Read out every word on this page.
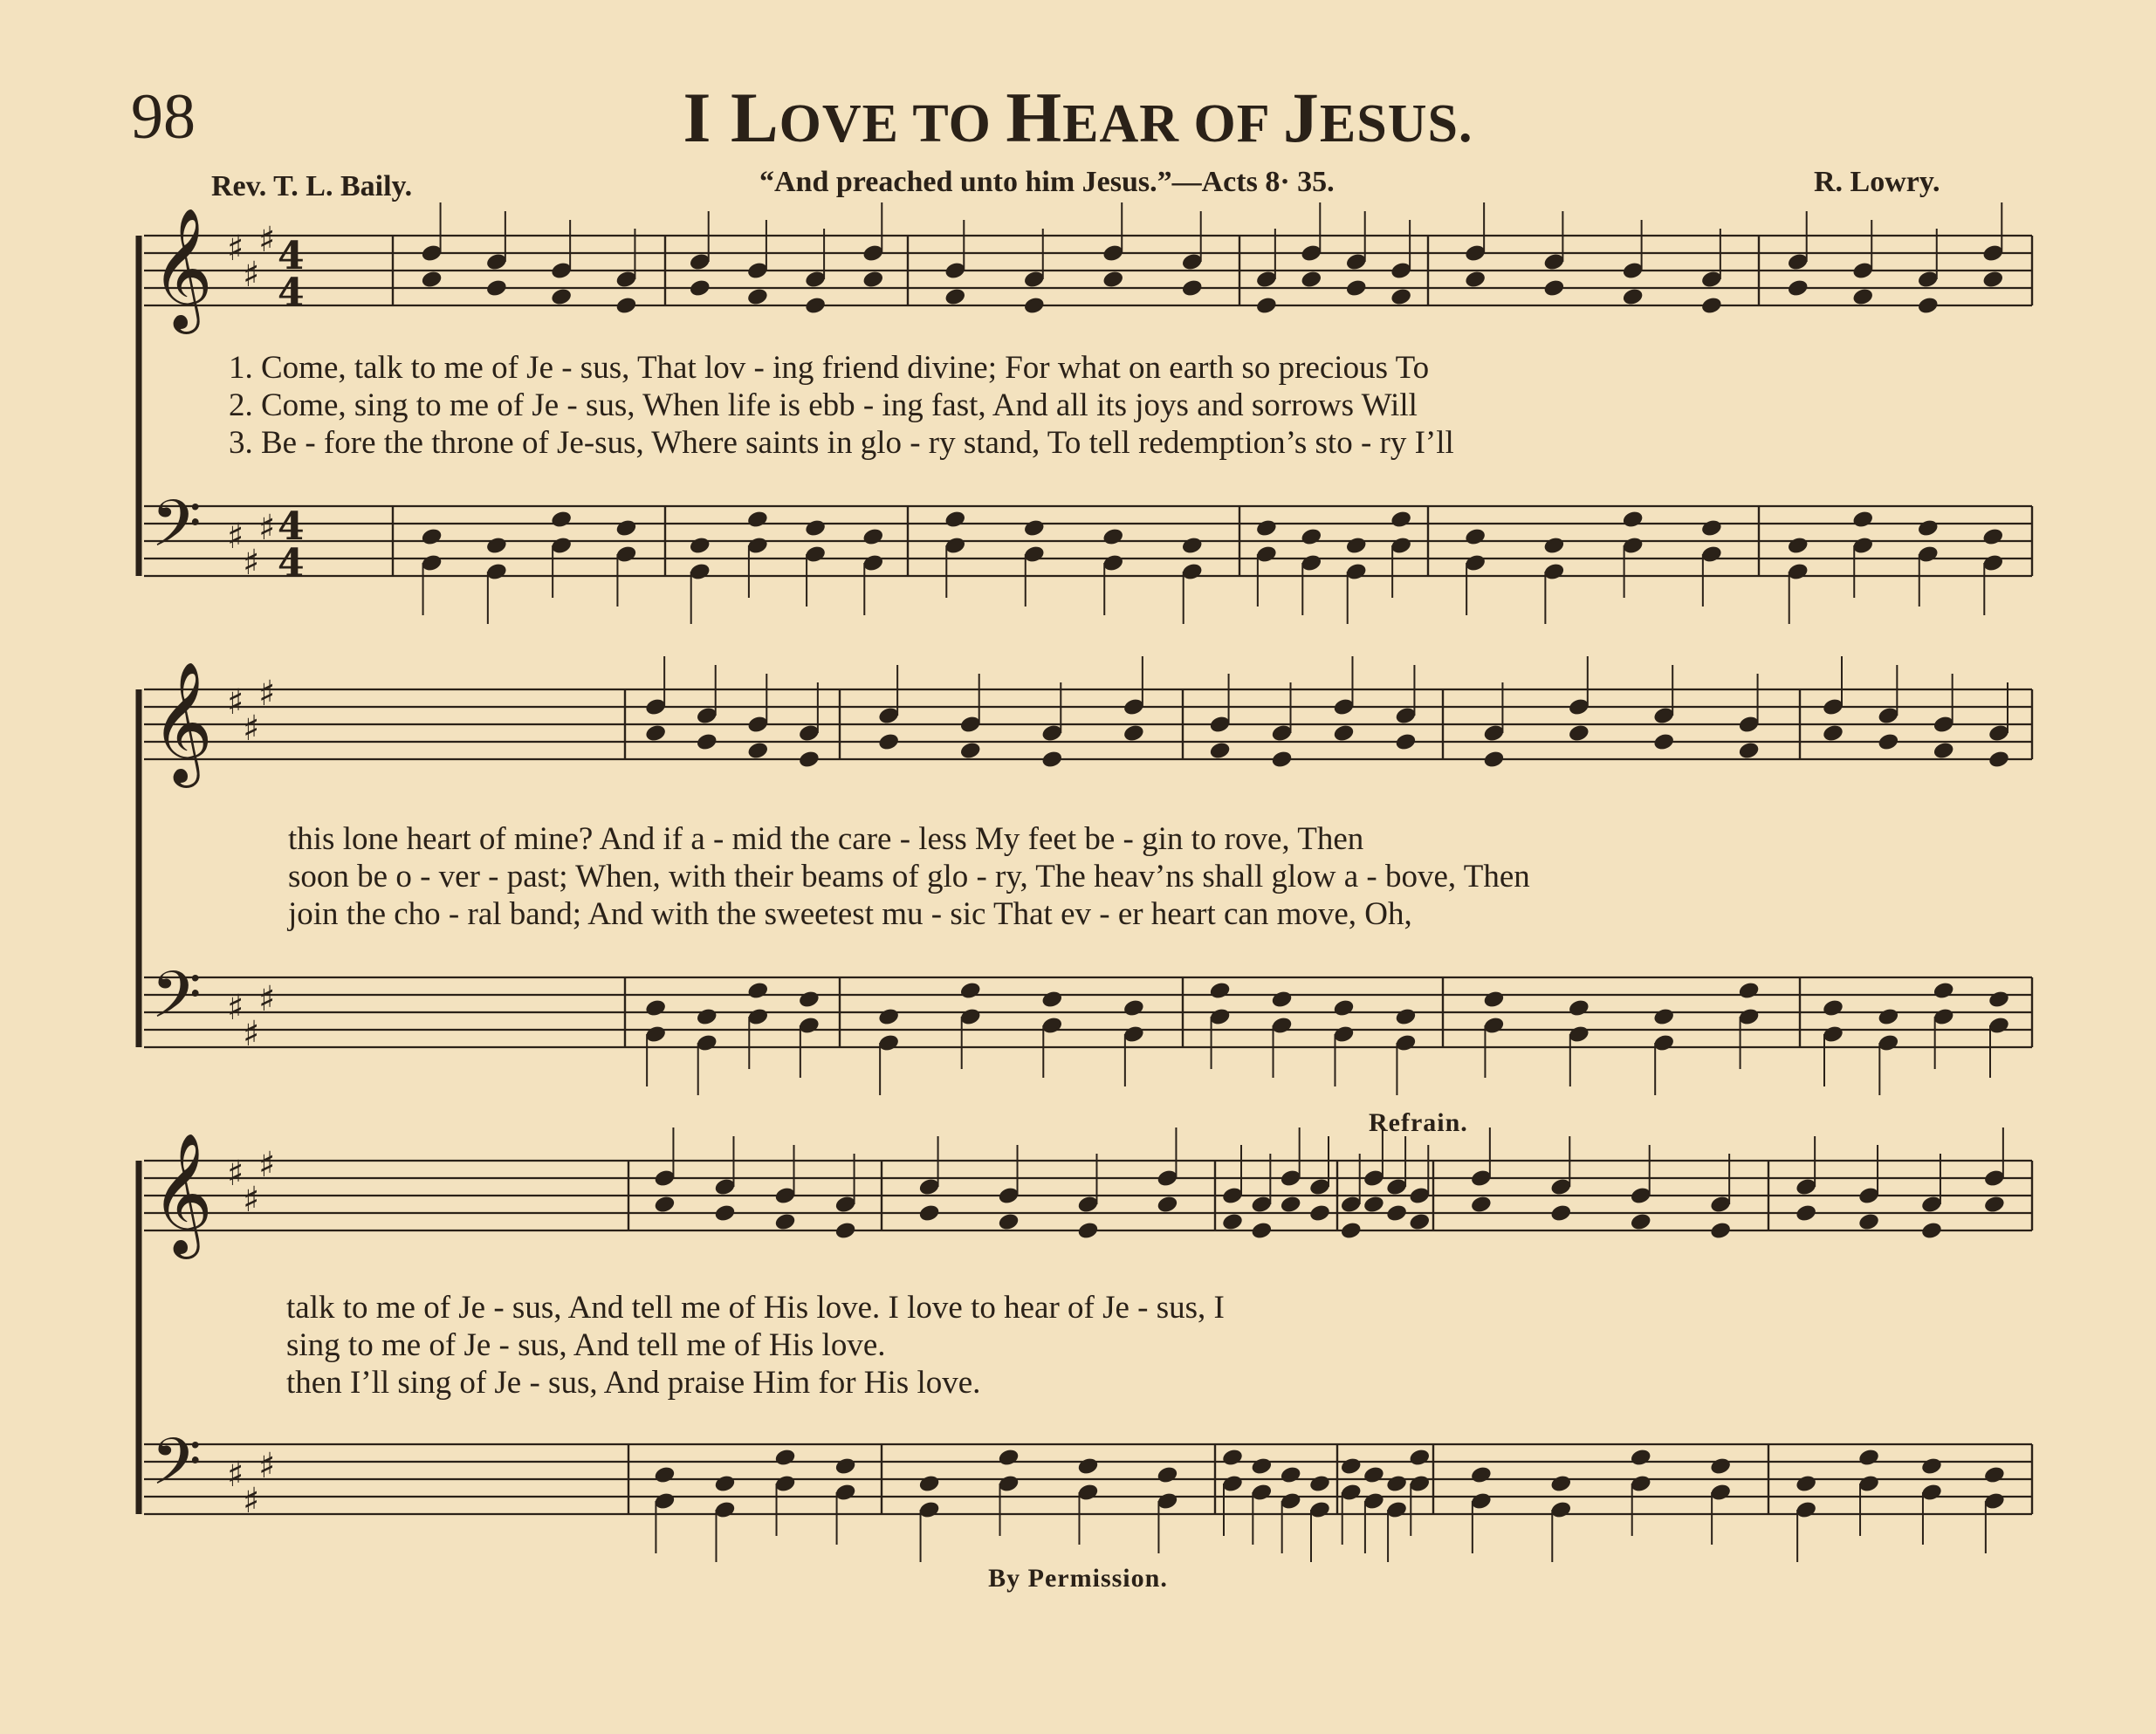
98	I LOVE TO HEAR OF JESUS.
Rev. T. L. Baily.	“And preached unto him Jesus.”—Acts 8· 35.	R. Lowry.
𝄞 ♯
♯
♯
𝄢 ♯
♯
♯
𝄞 ♯
♯
♯
𝄢 ♯
♯
♯
𝄞 ♯
♯
♯
𝄢 ♯
♯
♯
4
4
4
4
1. Come, talk to me of Je - sus, That lov - ing friend divine; For what on earth so precious To
2. Come, sing to me of Je - sus, When life is ebb - ing fast, And all its joys and sorrows Will
3. Be - fore the throne of Je-sus, Where saints in glo - ry stand, To tell redemption’s sto - ry I’ll
this lone heart of mine? And if a - mid the care - less My feet be - gin to rove, Then
soon be o - ver - past; When, with their beams of glo - ry, The heav’ns shall glow a - bove, Then
join the cho - ral band; And with the sweetest mu - sic That ev - er heart can move, Oh,
Refrain.
talk to me of Je - sus, And tell me of His love. I love to hear of Je - sus, I
sing to me of Je - sus, And tell me of His love.
then I’ll sing of Je - sus, And praise Him for His love.
By Permission.
